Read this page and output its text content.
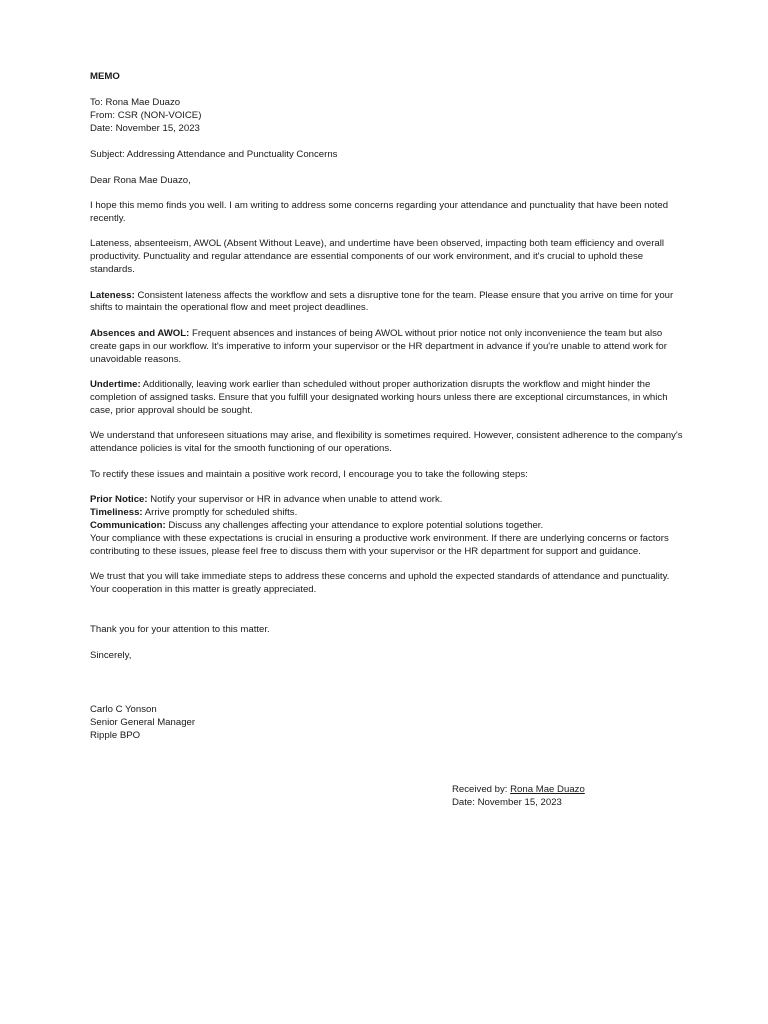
MEMO
To: Rona Mae Duazo
From: CSR (NON-VOICE)
Date: November 15, 2023
Subject: Addressing Attendance and Punctuality Concerns
Dear Rona Mae Duazo,

I hope this memo finds you well. I am writing to address some concerns regarding your attendance and punctuality that have been noted recently.

Lateness, absenteeism, AWOL (Absent Without Leave), and undertime have been observed, impacting both team efficiency and overall productivity. Punctuality and regular attendance are essential components of our work environment, and it's crucial to uphold these standards.

Lateness: Consistent lateness affects the workflow and sets a disruptive tone for the team. Please ensure that you arrive on time for your shifts to maintain the operational flow and meet project deadlines.

Absences and AWOL: Frequent absences and instances of being AWOL without prior notice not only inconvenience the team but also create gaps in our workflow. It's imperative to inform your supervisor or the HR department in advance if you're unable to attend work for unavoidable reasons.

Undertime: Additionally, leaving work earlier than scheduled without proper authorization disrupts the workflow and might hinder the completion of assigned tasks. Ensure that you fulfill your designated working hours unless there are exceptional circumstances, in which case, prior approval should be sought.

We understand that unforeseen situations may arise, and flexibility is sometimes required. However, consistent adherence to the company's attendance policies is vital for the smooth functioning of our operations.

To rectify these issues and maintain a positive work record, I encourage you to take the following steps:

Prior Notice: Notify your supervisor or HR in advance when unable to attend work.

Timeliness: Arrive promptly for scheduled shifts.

Communication: Discuss any challenges affecting your attendance to explore potential solutions together.

Your compliance with these expectations is crucial in ensuring a productive work environment. If there are underlying concerns or factors contributing to these issues, please feel free to discuss them with your supervisor or the HR department for support and guidance.

We trust that you will take immediate steps to address these concerns and uphold the expected standards of attendance and punctuality. Your cooperation in this matter is greatly appreciated.

Thank you for your attention to this matter.

Sincerely,

Carlo C Yonson
Senior General Manager
Ripple BPO
Received by: Rona Mae Duazo
Date: November 15, 2023
